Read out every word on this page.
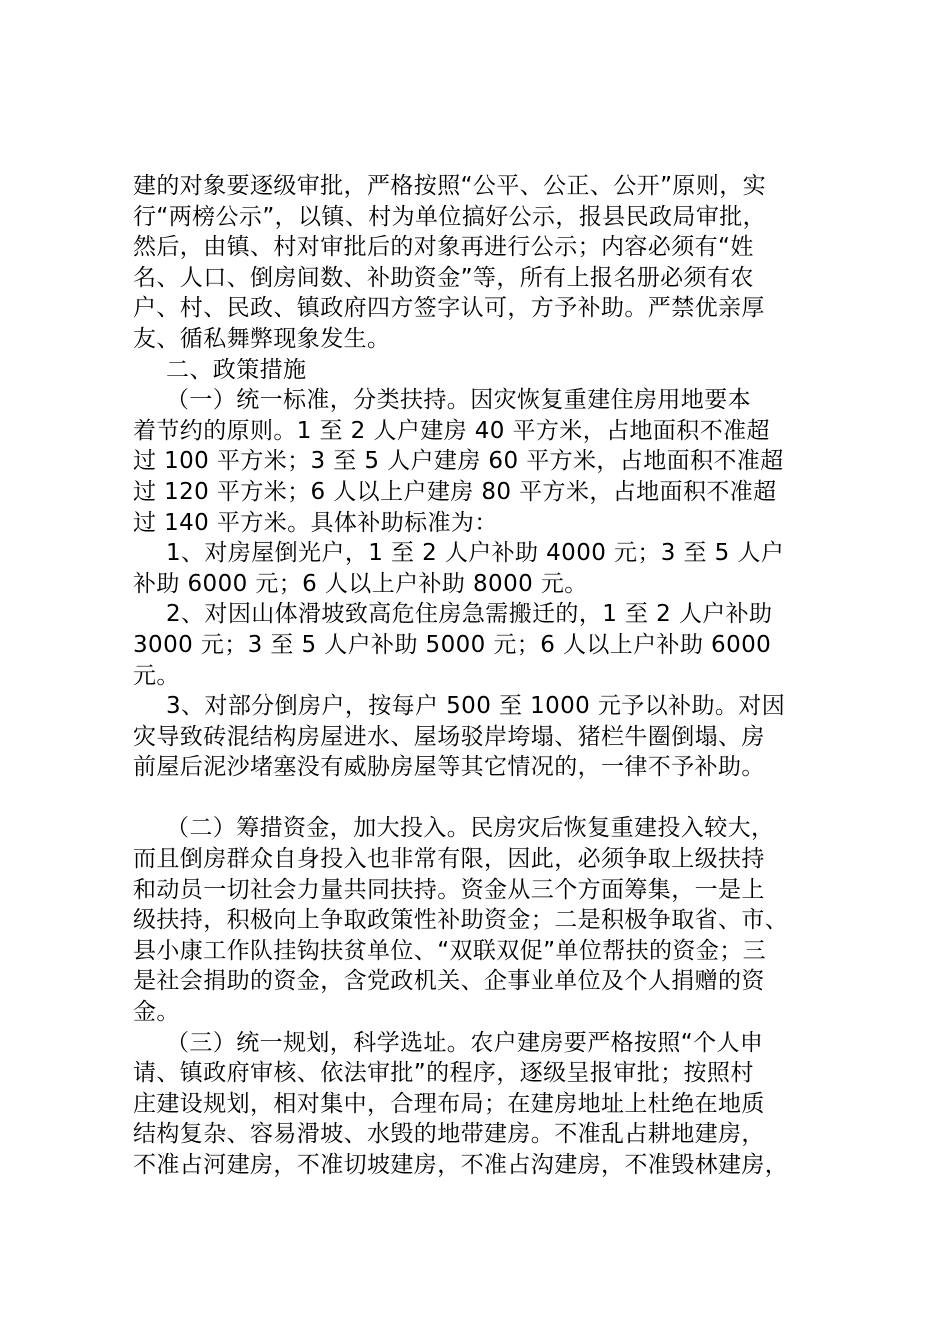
建的对象要逐级审批，严格按照“公平、公正、公开”原则，实

行“两榜公示”，以镇、村为单位搞好公示，报县民政局审批，

然后，由镇、村对审批后的对象再进行公示；内容必须有“姓

名、人口、倒房间数、补助资金”等，所有上报名册必须有农

户、村、民政、镇政府四方签字认可，方予补助。严禁优亲厚

友、循私舞弊现象发生。

二、政策措施

（一）统一标准，分类扶持。因灾恢复重建住房用地要本

着节约的原则。1 至 2 人户建房 40 平方米，占地面积不准超

过 100 平方米；3 至 5 人户建房 60 平方米，占地面积不准超

过 120 平方米；6 人以上户建房 80 平方米，占地面积不准超

过 140 平方米。具体补助标准为：

1、对房屋倒光户，1 至 2 人户补助 4000 元；3 至 5 人户

补助 6000 元；6 人以上户补助 8000 元。

2、对因山体滑坡致高危住房急需搬迁的，1 至 2 人户补助

3000 元；3 至 5 人户补助 5000 元；6 人以上户补助 6000

元。

3、对部分倒房户，按每户 500 至 1000 元予以补助。对因

灾导致砖混结构房屋进水、屋场驳岸垮塌、猪栏牛圈倒塌、房

前屋后泥沙堵塞没有威胁房屋等其它情况的，一律不予补助。

（二）筹措资金，加大投入。民房灾后恢复重建投入较大，

而且倒房群众自身投入也非常有限，因此，必须争取上级扶持

和动员一切社会力量共同扶持。资金从三个方面筹集，一是上

级扶持，积极向上争取政策性补助资金；二是积极争取省、市、

县小康工作队挂钩扶贫单位、“双联双促”单位帮扶的资金；三

是社会捐助的资金，含党政机关、企事业单位及个人捐赠的资

金。

（三）统一规划，科学选址。农户建房要严格按照“个人申

请、镇政府审核、依法审批”的程序，逐级呈报审批；按照村

庄建设规划，相对集中，合理布局；在建房地址上杜绝在地质

结构复杂、容易滑坡、水毁的地带建房。不准乱占耕地建房，

不准占河建房，不准切坡建房，不准占沟建房，不准毁林建房，
